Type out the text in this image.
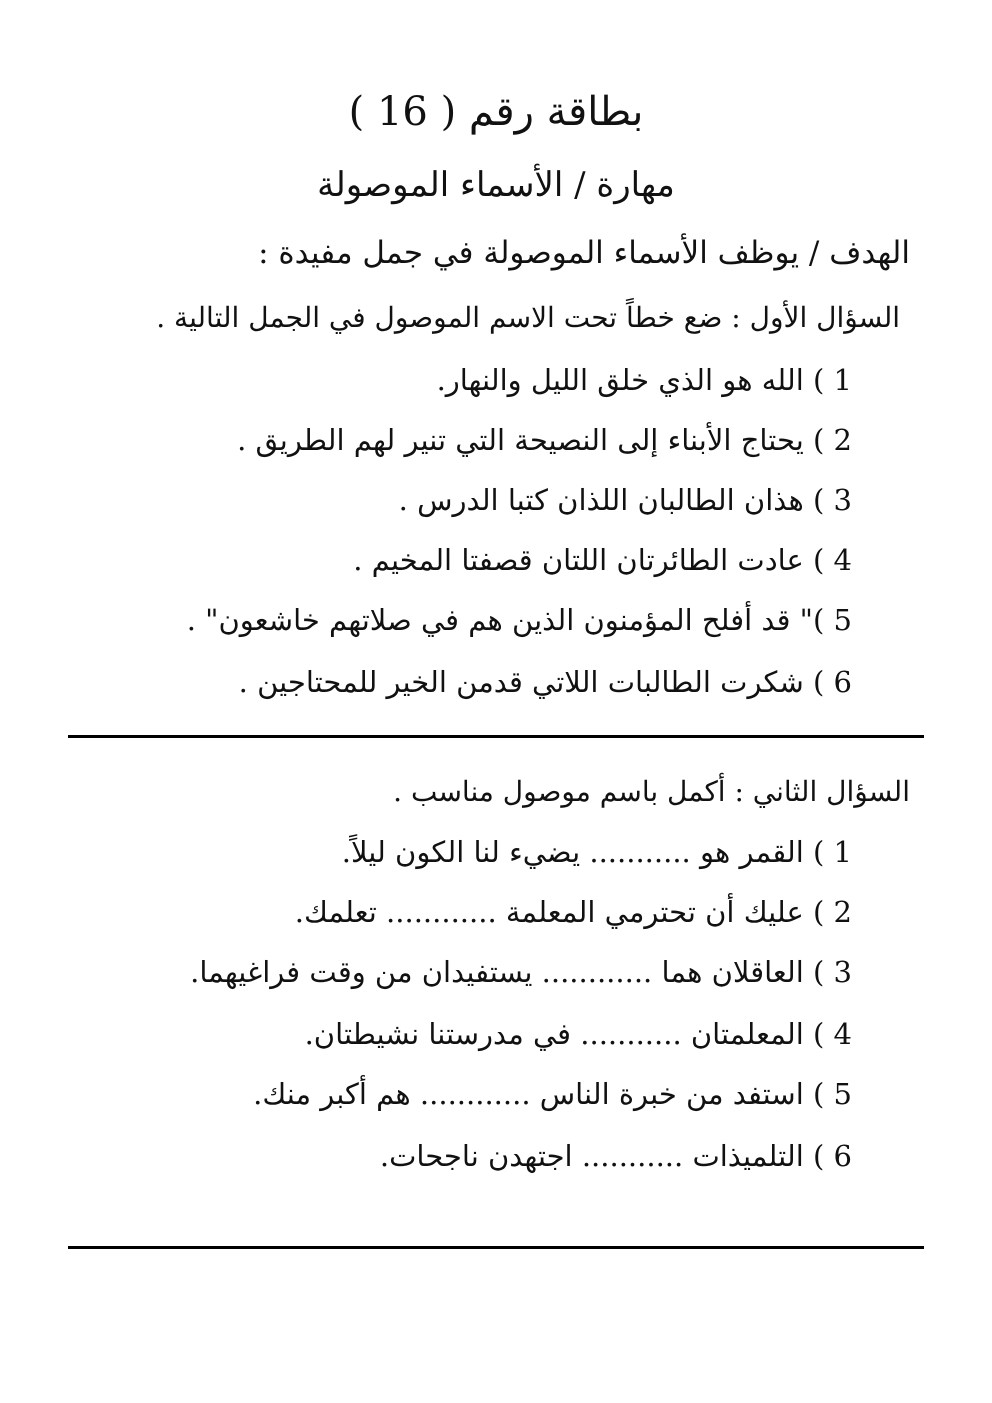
بطاقة رقم ( 16 )
مهارة / الأسماء الموصولة
الهدف / يوظف الأسماء الموصولة في جمل مفيدة :
السؤال الأول : ضع خطاً تحت الاسم الموصول في الجمل التالية .
1 ) الله هو الذي خلق الليل والنهار.
2 ) يحتاج الأبناء إلى النصيحة التي تنير لهم الطريق .
3 ) هذان الطالبان اللذان كتبا الدرس .
4 ) عادت الطائرتان اللتان قصفتا المخيم .
5 )" قد أفلح المؤمنون الذين هم في صلاتهم خاشعون" .
6 ) شكرت الطالبات اللاتي قدمن الخير للمحتاجين .
السؤال الثاني : أكمل باسم موصول مناسب .
1 ) القمر هو ........... يضيء لنا الكون ليلاً.
2 ) عليك أن تحترمي المعلمة ............ تعلمك.
3 ) العاقلان هما ............ يستفيدان من وقت فراغيهما.
4 ) المعلمتان ........... في مدرستنا نشيطتان.
5 ) استفد من خبرة الناس ............ هم أكبر منك.
6 ) التلميذات ........... اجتهدن ناجحات.
